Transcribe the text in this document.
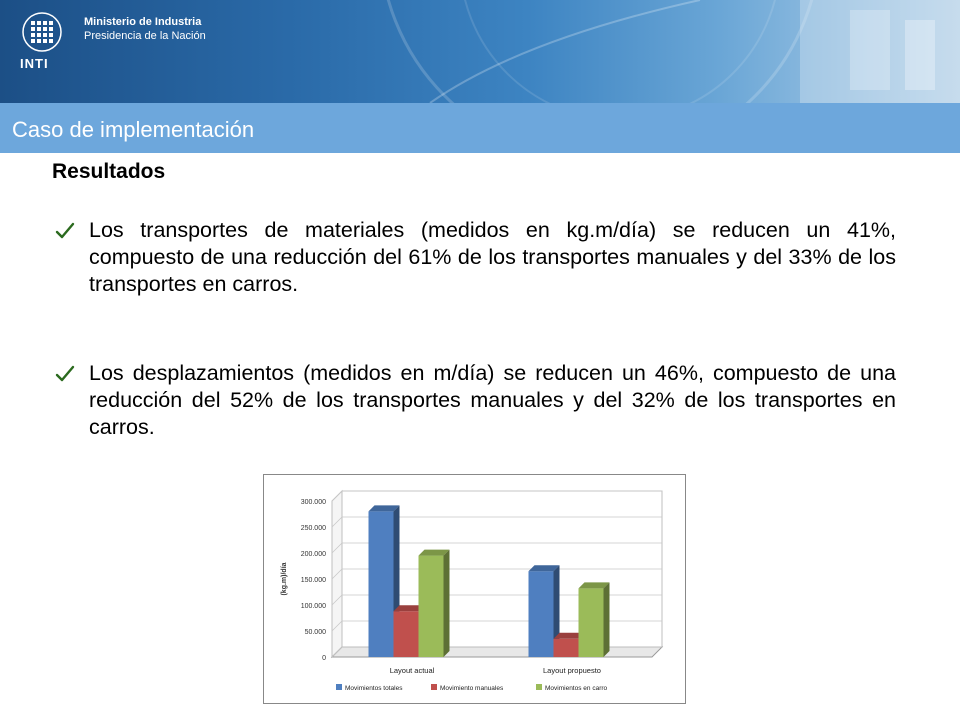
INTI
Ministerio de Industria
Presidencia de la Nación
Caso de implementación
Resultados
Los transportes de materiales (medidos en kg.m/día) se reducen un 41%, compuesto de una reducción del 61% de los transportes manuales y del 33% de los transportes en carros.
Los desplazamientos (medidos en m/día) se reducen un 46%, compuesto de una reducción del 52% de los transportes manuales y del 32% de los transportes en carros.
0
50.000
100.000
150.000
200.000
250.000
300.000
(kg.m)/día
Layout actual	Layout propuesto
Movimientos totales	Movimiento manuales	Movimientos en carro
